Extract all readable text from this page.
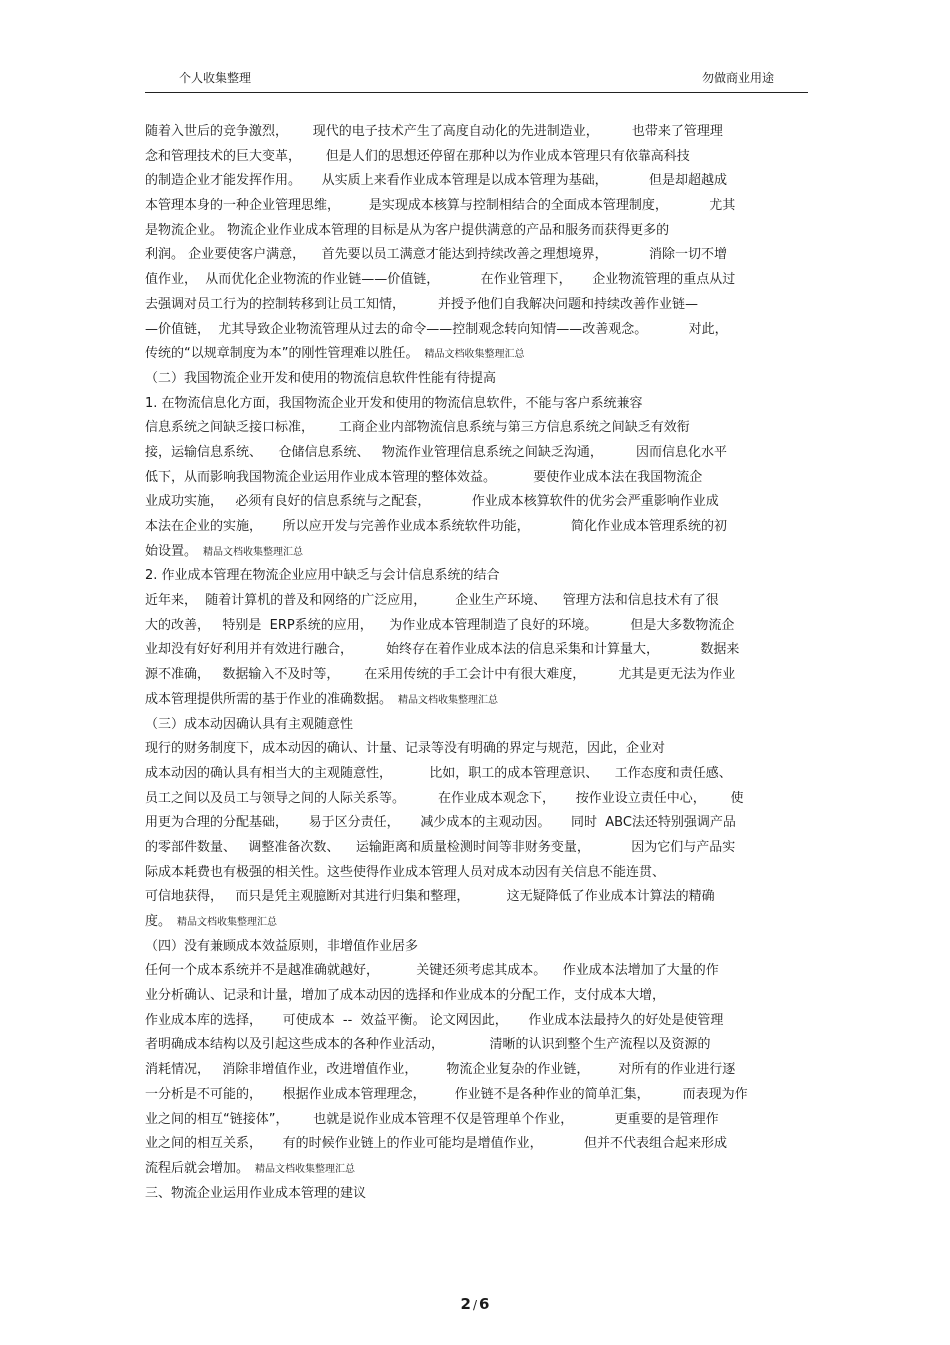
个人收集整理	勿做商业用途
随着入世后的竞争激烈，      现代的电子技术产生了高度自动化的先进制造业，        也带来了管理理
念和管理技术的巨大变革，      但是人们的思想还停留在那种以为作业成本管理只有依靠高科技
的制造企业才能发挥作用。     从实质上来看作业成本管理是以成本管理为基础，          但是却超越成
本管理本身的一种企业管理思维，       是实现成本核算与控制相结合的全面成本管理制度，          尤其
是物流企业。 物流企业作业成本管理的目标是从为客户提供满意的产品和服务而获得更多的
利润。 企业要使客户满意，    首先要以员工满意才能达到持续改善之理想境界，          消除一切不增
值作业，  从而优化企业物流的作业链——价值链，          在作业管理下，     企业物流管理的重点从过
去强调对员工行为的控制转移到让员工知情，        并授予他们自我解决问题和持续改善作业链—
—价值链，  尤其导致企业物流管理从过去的命令——控制观念转向知情——改善观念。          对此，
传统的“以规章制度为本”的刚性管理难以胜任。 精品文档收集整理汇总
（二）我国物流企业开发和使用的物流信息软件性能有待提高
1. 在物流信息化方面，我国物流企业开发和使用的物流信息软件，不能与客户系统兼容
信息系统之间缺乏接口标准，      工商企业内部物流信息系统与第三方信息系统之间缺乏有效衔
接，运输信息系统、    仓储信息系统、   物流作业管理信息系统之间缺乏沟通，        因而信息化水平
低下，从而影响我国物流企业运用作业成本管理的整体效益。         要使作业成本法在我国物流企
业成功实施，   必须有良好的信息系统与之配套，          作业成本核算软件的优劣会严重影响作业成
本法在企业的实施，     所以应开发与完善作业成本系统软件功能，          简化作业成本管理系统的初
始设置。 精品文档收集整理汇总
2. 作业成本管理在物流企业应用中缺乏与会计信息系统的结合
近年来，  随着计算机的普及和网络的广泛应用，       企业生产环境、    管理方法和信息技术有了很
大的改善，   特别是  ERP系统的应用，    为作业成本管理制造了良好的环境。        但是大多数物流企
业却没有好好利用并有效进行融合，        始终存在着作业成本法的信息采集和计算量大，          数据来
源不准确，   数据输入不及时等，      在采用传统的手工会计中有很大难度，        尤其是更无法为作业
成本管理提供所需的基于作业的准确数据。 精品文档收集整理汇总
（三）成本动因确认具有主观随意性
现行的财务制度下，成本动因的确认、计量、记录等没有明确的界定与规范，因此，企业对
成本动因的确认具有相当大的主观随意性，         比如，职工的成本管理意识、    工作态度和责任感、
员工之间以及员工与领导之间的人际关系等。        在作业成本观念下，     按作业设立责任中心，      使
用更为合理的分配基础，     易于区分责任，     减少成本的主观动因。     同时  ABC法还特别强调产品
的零部件数量、   调整准备次数、    运输距离和质量检测时间等非财务变量，          因为它们与产品实
际成本耗费也有极强的相关性。这些使得作业成本管理人员对成本动因有关信息不能连贯、
可信地获得，   而只是凭主观臆断对其进行归集和整理，         这无疑降低了作业成本计算法的精确
度。 精品文档收集整理汇总
（四）没有兼顾成本效益原则，非增值作业居多
任何一个成本系统并不是越准确就越好，         关键还须考虑其成本。    作业成本法增加了大量的作
业分析确认、记录和计量，增加了成本动因的选择和作业成本的分配工作，支付成本大增，
作业成本库的选择，     可使成本  --  效益平衡。 论文网因此，     作业成本法最持久的好处是使管理
者明确成本结构以及引起这些成本的各种作业活动，           清晰的认识到整个生产流程以及资源的
消耗情况，   消除非增值作业，改进增值作业，       物流企业复杂的作业链，       对所有的作业进行逐
一分析是不可能的，     根据作业成本管理理念，       作业链不是各种作业的简单汇集，        而表现为作
业之间的相互“链接体”，      也就是说作业成本管理不仅是管理单个作业，          更重要的是管理作
业之间的相互关系，     有的时候作业链上的作业可能均是增值作业，          但并不代表组合起来形成
流程后就会增加。 精品文档收集整理汇总
三、物流企业运用作业成本管理的建议
2 / 6
